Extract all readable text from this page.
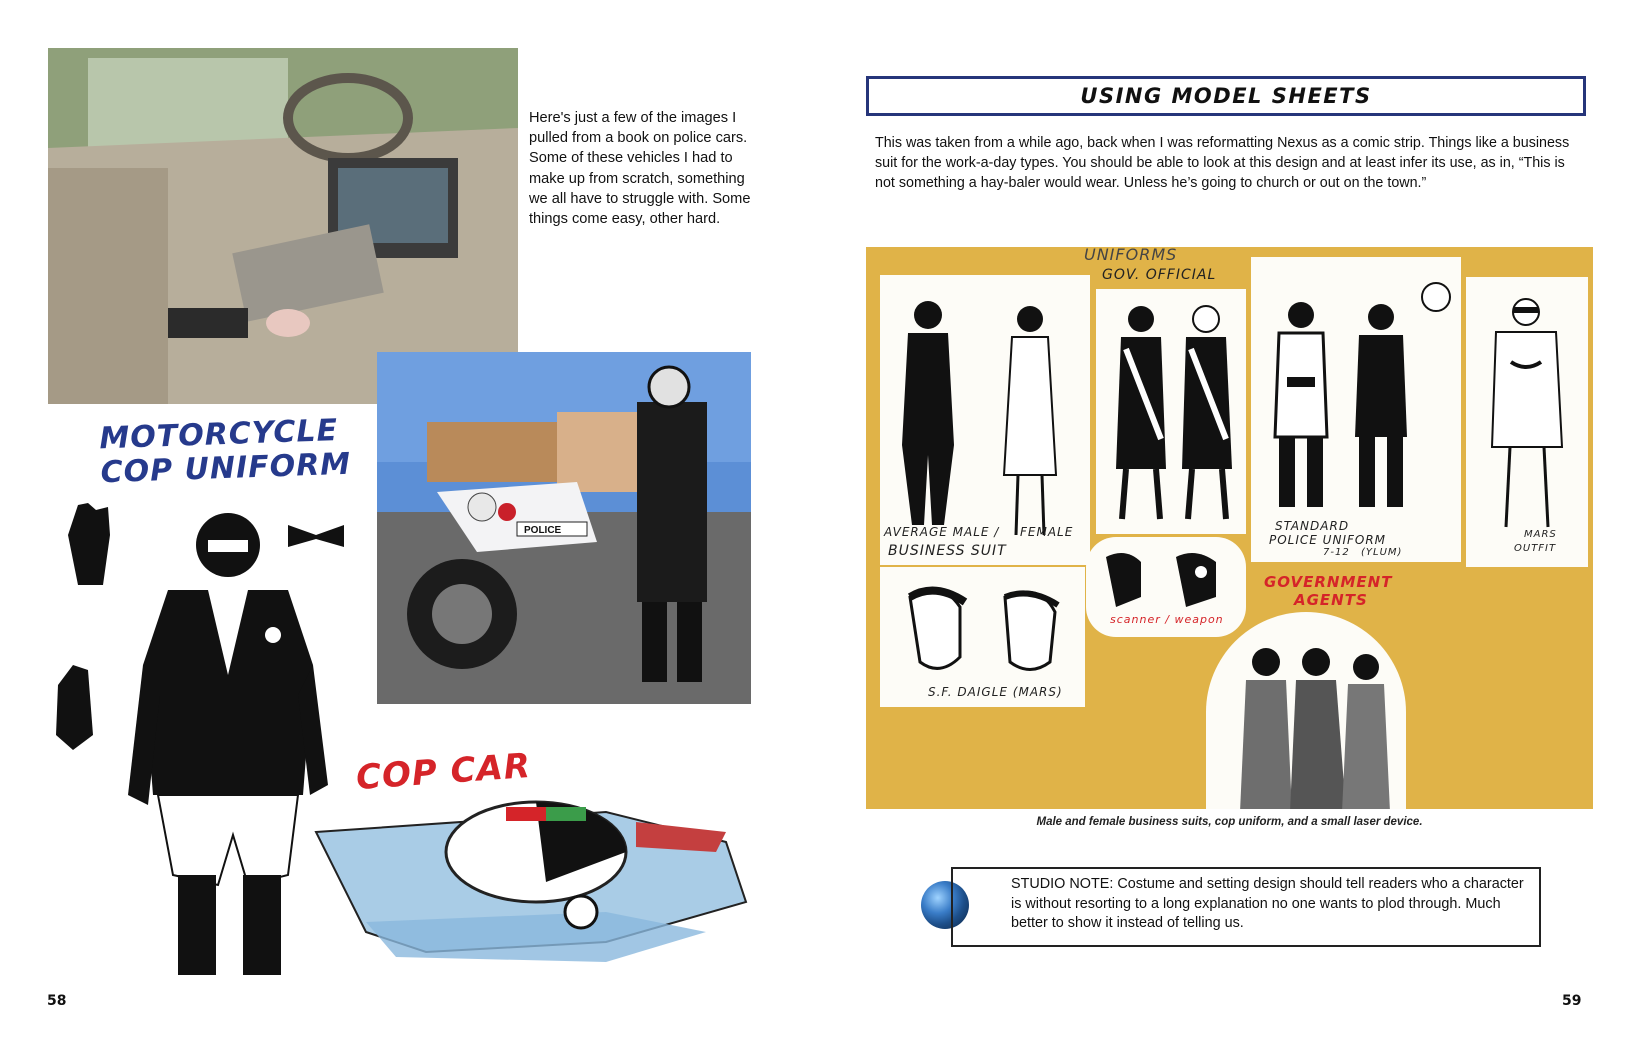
Here's just a few of the images I pulled from a book on police cars. Some of these vehicles I had to make up from scratch, something we all have to struggle with. Some things come easy, other hard.
POLICE
MOTORCYCLE
COP UNIFORM
COP CAR
58
USING MODEL SHEETS
This was taken from a while ago, back when I was reformatting Nexus as a comic strip. Things like a business suit for the work-a-day types. You should be able to look at this design and at least infer its use, as in, “This is not something a hay-baler would wear. Unless he’s going to church or out on the town.”
UNIFORMS
GOV. OFFICIAL
AVERAGE MALE / FEMALE
BUSINESS SUIT
STANDARD
POLICE UNIFORM
7-12 (YLUM)
MARS
OUTFIT
S.F. DAIGLE (MARS)
scanner / weapon
GOVERNMENT
AGENTS
Male and female business suits, cop uniform, and a small laser device.
STUDIO NOTE: Costume and setting design should tell readers who a character is without resorting to a long explanation no one wants to plod through. Much better to show it instead of telling us.
59
